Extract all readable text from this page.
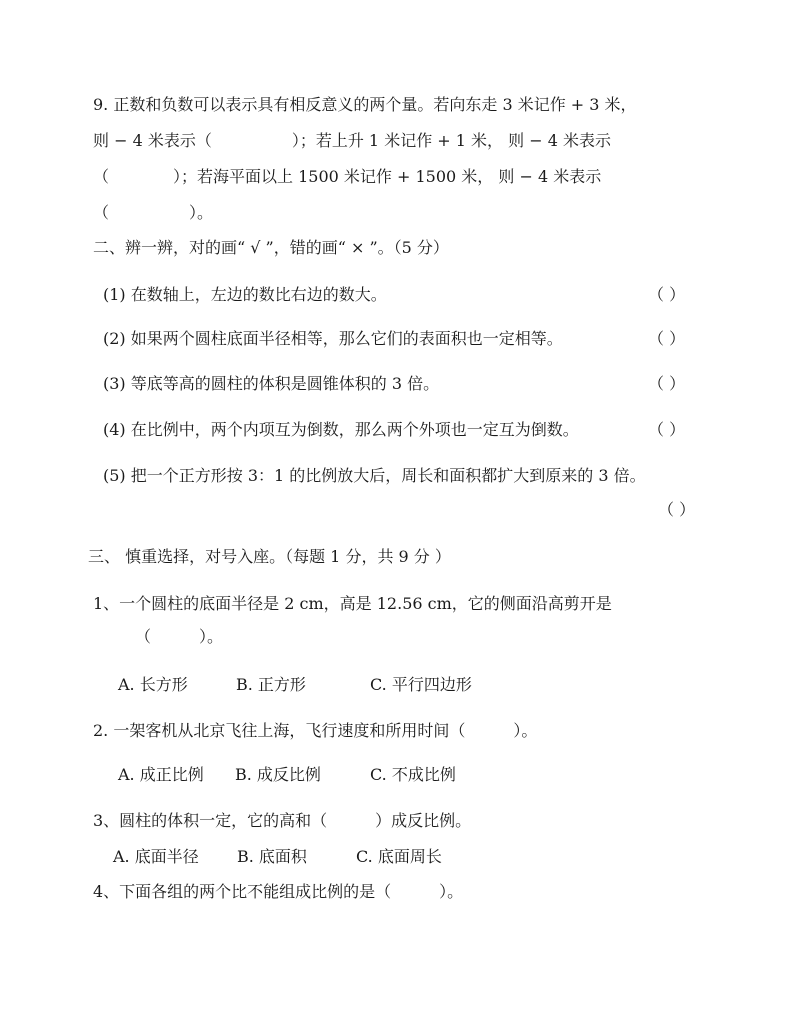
9. 正数和负数可以表示具有相反意义的两个量。若向东走 3 米记作 + 3 米，
则 − 4 米表示（　　　　　）；若上升 1 米记作 + 1 米， 则 − 4 米表示
（　　　　）；若海平面以上 1500 米记作 + 1500 米， 则 − 4 米表示
（　　　　　）。
二、辨一辨，对的画“ √ ”，错的画“ × ”。（5 分）
(1) 在数轴上，左边的数比右边的数大。	（ ）
(2) 如果两个圆柱底面半径相等，那么它们的表面积也一定相等。	（ ）
(3) 等底等高的圆柱的体积是圆锥体积的 3 倍。	（ ）
(4) 在比例中，两个内项互为倒数，那么两个外项也一定互为倒数。	（ ）
(5) 把一个正方形按 3：1 的比例放大后，周长和面积都扩大到原来的 3 倍。
（ ）
三、 慎重选择，对号入座。（每题 1 分，共 9 分 ）
1、一个圆柱的底面半径是 2 cm，高是 12.56 cm，它的侧面沿高剪开是
（　　　）。
A. 长方形	B. 正方形	C. 平行四边形
2. 一架客机从北京飞往上海，飞行速度和所用时间（　　　）。
A. 成正比例 B. 成反比例	C. 不成比例
3、圆柱的体积一定，它的高和（　　　）成反比例。
A. 底面半径 B. 底面积	C. 底面周长
4、下面各组的两个比不能组成比例的是（　　　）。
